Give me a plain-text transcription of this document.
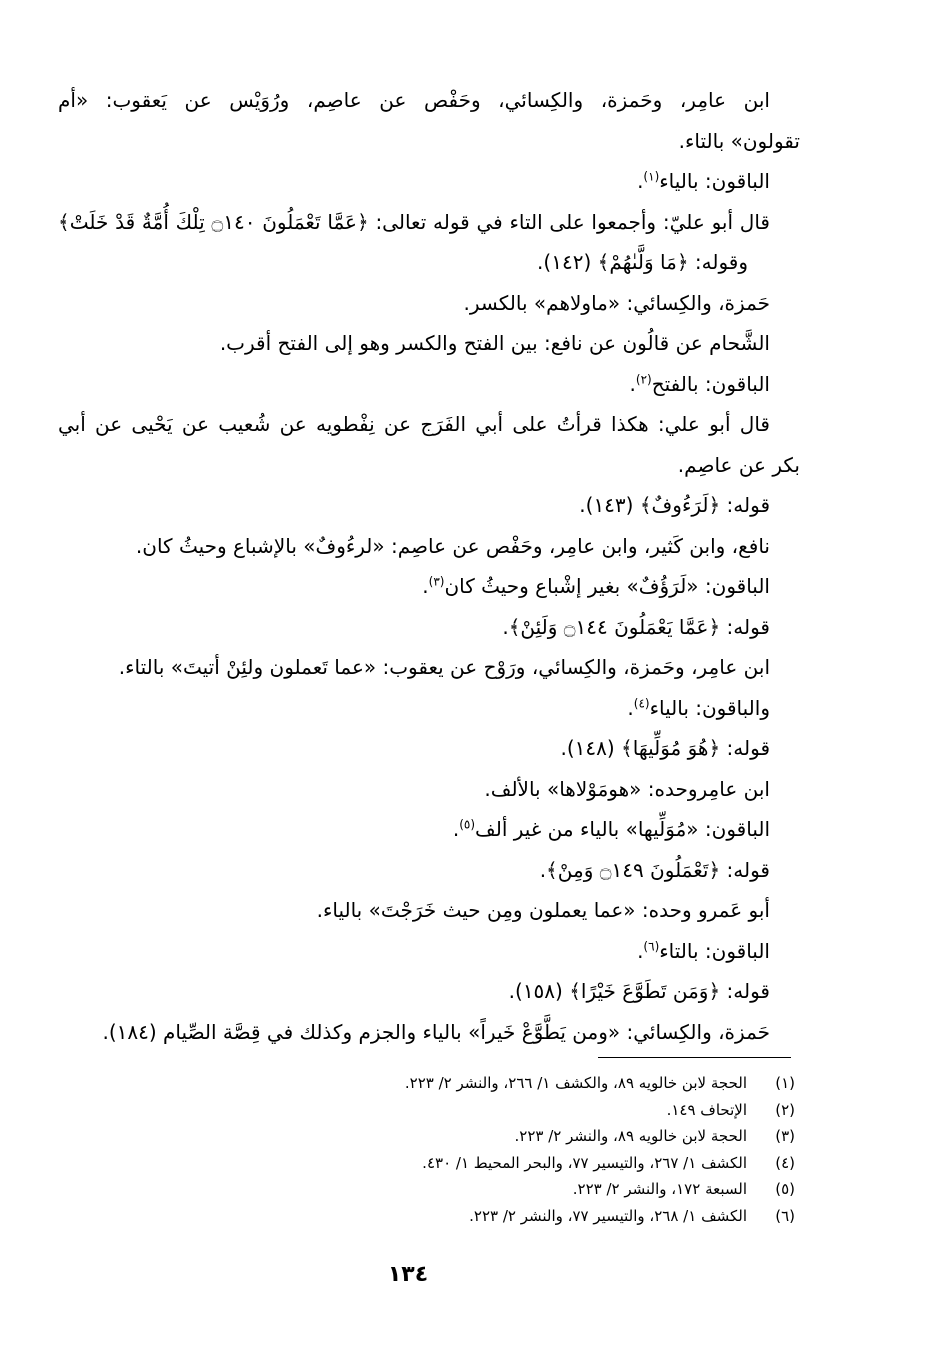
ابن عامِر، وحَمزة، والكِسائي، وحَفْص عن عاصِم، ورُوَيْس عن يَعقوب: «أم
تقولون» بالتاء.
الباقون: بالياء$^{(١)}$.
قال أبو عليّ: وأجمعوا على التاء في قوله تعالى: ﴿عَمَّا تَعْمَلُونَ ۝١٤٠ تِلْكَ أُمَّةٌ قَدْ خَلَتْ﴾
وقوله: ﴿مَا وَلَّىٰهُمْ﴾ (١٤٢).
حَمزة، والكِسائي: «ماولاهم» بالكسر.
الشَّحام عن قالُون عن نافع: بين الفتح والكسر وهو إلى الفتح أقرب.
الباقون: بالفتح$^{(٢)}$.
قال أبو علي: هكذا قرأتُ على أبي الفَرَج عن نِفْطويه عن شُعيب عن يَحْيى عن أبي
بكر عن عاصِم.
قوله: ﴿لَرَءُوفٌ﴾ (١٤٣).
نافع، وابن كَثير، وابن عامِر، وحَفْص عن عاصِم: «لرءُوفٌ» بالإشباع وحيثُ كان.
الباقون: «لَرَؤُفٌ» بغير إشْباع وحيثُ كان$^{(٣)}$.
قوله: ﴿عَمَّا يَعْمَلُونَ ۝١٤٤ وَلَئِنْ﴾.
ابن عامِر، وحَمزة، والكِسائي، ورَوْح عن يعقوب: «عما تَعملون ولئِنْ أتيتَ» بالتاء.
والباقون: بالياء$^{(٤)}$.
قوله: ﴿هُوَ مُوَلِّيهَا﴾ (١٤٨).
ابن عامِروحده: «هومَوْلاها» بالألف.
الباقون: «مُوَلِّيها» بالياء من غير ألف$^{(٥)}$.
قوله: ﴿تَعْمَلُونَ ۝١٤٩ وَمِنْ﴾.
أبو عَمرو وحده: «عما يعملون ومِن حيث خَرَجْتَ» بالياء.
الباقون: بالتاء$^{(٦)}$.
قوله: ﴿وَمَن تَطَوَّعَ خَيْرًا﴾ (١٥٨).
حَمزة، والكِسائي: «ومن يَطَّوَّعْ خَيراً» بالياء والجزم وكذلك في قِصَّة الصِّيام (١٨٤).
(١)
الحجة لابن خالويه ٨٩، والكشف ١/ ٢٦٦، والنشر ٢/ ٢٢٣.
(٢)
الإتحاف ١٤٩.
(٣)
الحجة لابن خالويه ٨٩، والنشر ٢/ ٢٢٣.
(٤)
الكشف ١/ ٢٦٧، والتيسير ٧٧، والبحر المحيط ١/ ٤٣٠.
(٥)
السبعة ١٧٢، والنشر ٢/ ٢٢٣.
(٦)
الكشف ١/ ٢٦٨، والتيسير ٧٧، والنشر ٢/ ٢٢٣.
١٣٤
